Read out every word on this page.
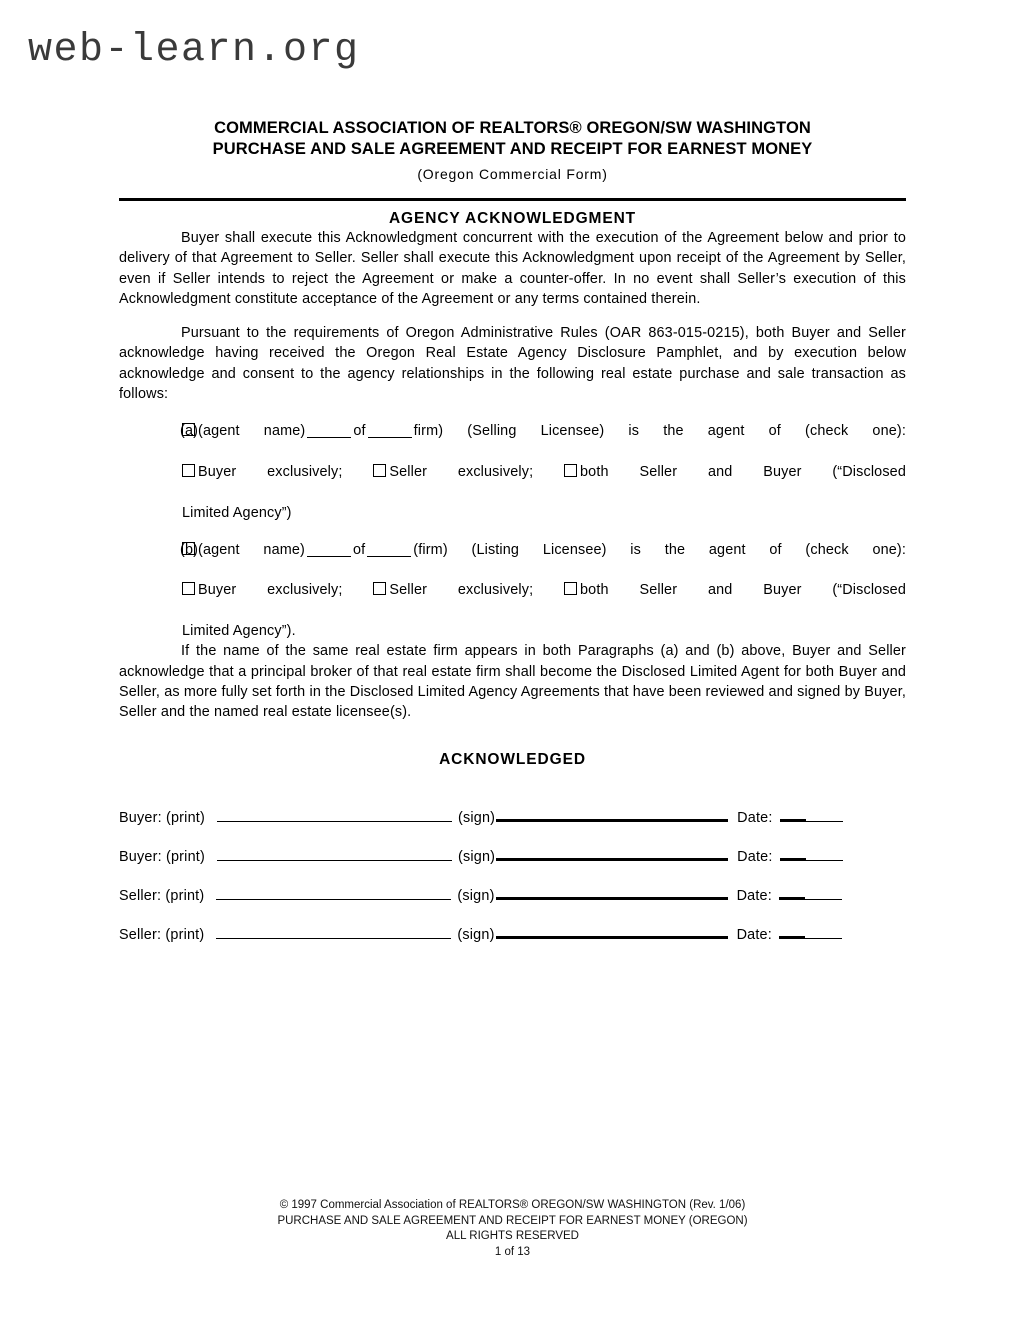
web-learn.org
COMMERCIAL ASSOCIATION OF REALTORS® OREGON/SW WASHINGTON
PURCHASE AND SALE AGREEMENT AND RECEIPT FOR EARNEST MONEY
(Oregon Commercial Form)
AGENCY ACKNOWLEDGMENT

Buyer shall execute this Acknowledgment concurrent with the execution of the Agreement below and prior to delivery of that Agreement to Seller. Seller shall execute this Acknowledgment upon receipt of the Agreement by Seller, even if Seller intends to reject the Agreement or make a counter-offer. In no event shall Seller’s execution of this Acknowledgment constitute acceptance of the Agreement or any terms contained therein.

Pursuant to the requirements of Oregon Administrative Rules (OAR 863-015-0215), both Buyer and Seller acknowledge having received the Oregon Real Estate Agency Disclosure Pamphlet, and by execution below acknowledge and consent to the agency relationships in the following real estate purchase and sale transaction as follows:

(a) (agent name)	of	firm) (Selling Licensee) is the agent of (check one):
Buyer exclusively;	Seller exclusively;	both Seller and Buyer (“Disclosed
Limited Agency”)
(b) (agent name)	of	(firm) (Listing Licensee) is the agent of (check one):
Buyer exclusively;	Seller exclusively;	both Seller and Buyer (“Disclosed
Limited Agency”).

If the name of the same real estate firm appears in both Paragraphs (a) and (b) above, Buyer and Seller acknowledge that a principal broker of that real estate firm shall become the Disclosed Limited Agent for both Buyer and Seller, as more fully set forth in the Disclosed Limited Agency Agreements that have been reviewed and signed by Buyer, Seller and the named real estate licensee(s).

ACKNOWLEDGED
Buyer: (print)	(sign)	Date:
Buyer: (print)	(sign)	Date:
Seller: (print)	(sign)	Date:
Seller: (print)	(sign)	Date:
© 1997 Commercial Association of REALTORS® OREGON/SW WASHINGTON (Rev. 1/06)
PURCHASE AND SALE AGREEMENT AND RECEIPT FOR EARNEST MONEY (OREGON)
ALL RIGHTS RESERVED
1 of 13
